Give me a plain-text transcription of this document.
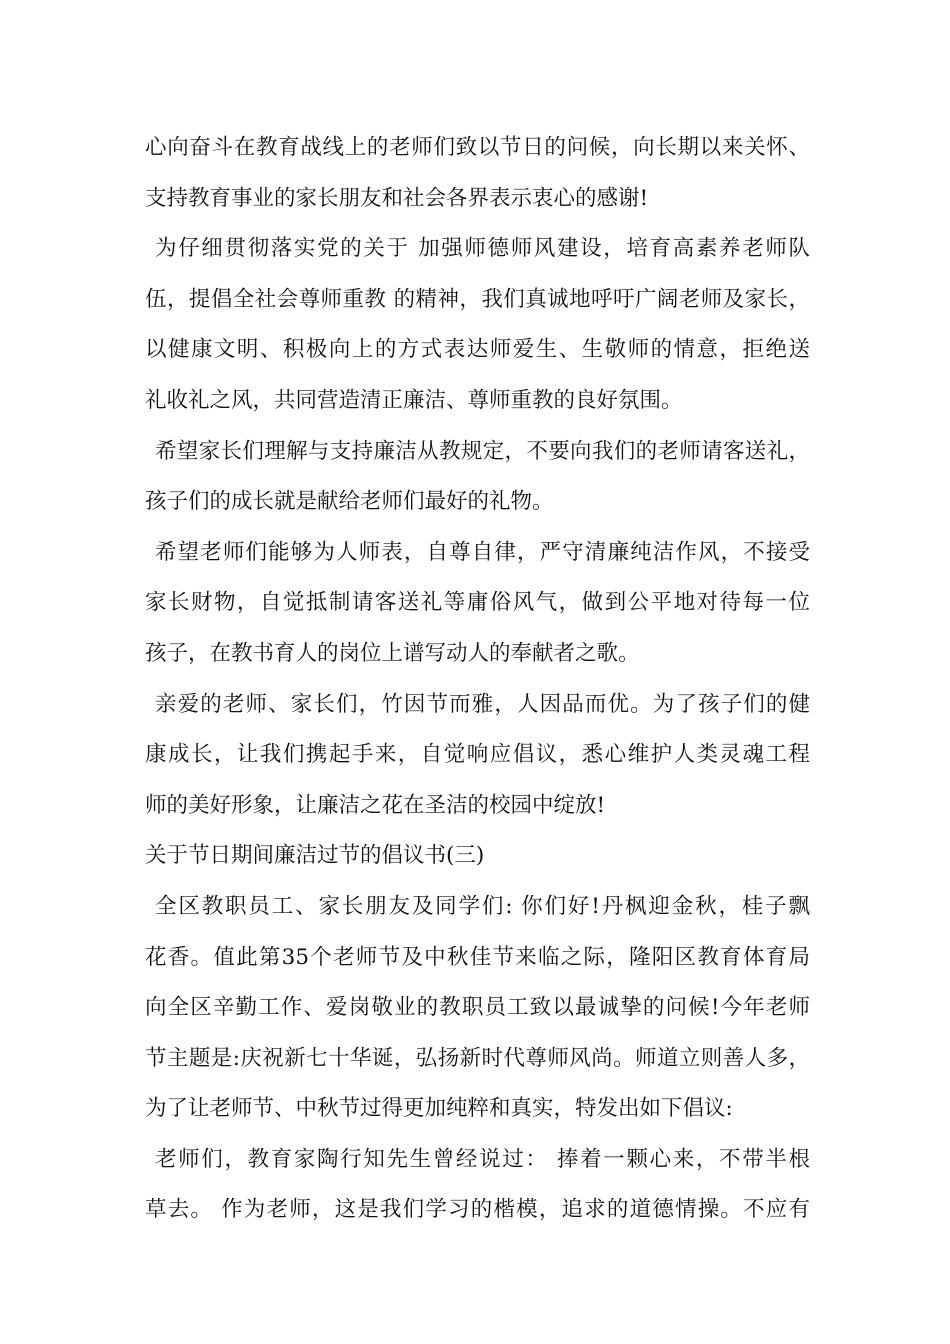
心向奋斗在教育战线上的老师们致以节日的问候，向长期以来关怀、
支持教育事业的家长朋友和社会各界表示衷心的感谢!
为仔细贯彻落实党的关于 加强师德师风建设，培育高素养老师队
伍，提倡全社会尊师重教 的精神，我们真诚地呼吁广阔老师及家长，
以健康文明、积极向上的方式表达师爱生、生敬师的情意，拒绝送
礼收礼之风，共同营造清正廉洁、尊师重教的良好氛围。
希望家长们理解与支持廉洁从教规定，不要向我们的老师请客送礼，
孩子们的成长就是献给老师们最好的礼物。
希望老师们能够为人师表，自尊自律，严守清廉纯洁作风，不接受
家长财物，自觉抵制请客送礼等庸俗风气，做到公平地对待每一位
孩子，在教书育人的岗位上谱写动人的奉献者之歌。
亲爱的老师、家长们，竹因节而雅，人因品而优。为了孩子们的健
康成长，让我们携起手来，自觉响应倡议，悉心维护人类灵魂工程
师的美好形象，让廉洁之花在圣洁的校园中绽放!
关于节日期间廉洁过节的倡议书(三)
全区教职员工、家长朋友及同学们: 你们好!丹枫迎金秋，桂子飘
花香。值此第35个老师节及中秋佳节来临之际，隆阳区教育体育局
向全区辛勤工作、爱岗敬业的教职员工致以最诚挚的问候!今年老师
节主题是:庆祝新七十华诞，弘扬新时代尊师风尚。师道立则善人多，
为了让老师节、中秋节过得更加纯粹和真实，特发出如下倡议:
老师们，教育家陶行知先生曾经说过： 捧着一颗心来，不带半根
草去。 作为老师，这是我们学习的楷模，追求的道德情操。不应有
